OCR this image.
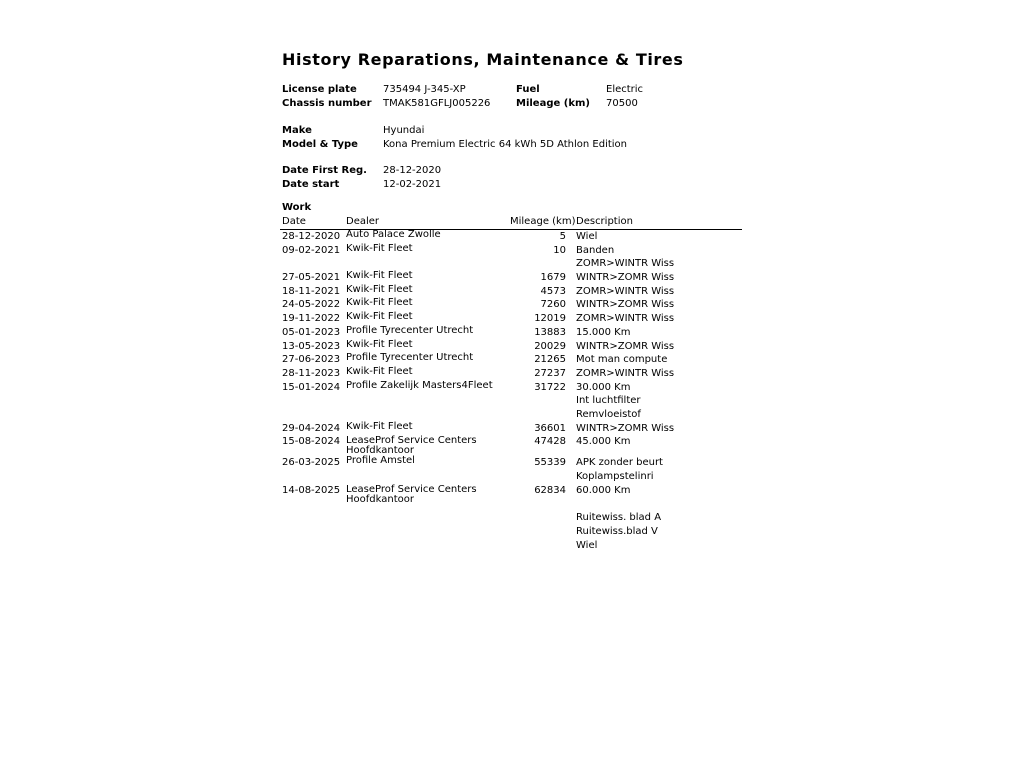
History Reparations, Maintenance & Tires
License plate	735494 J-345-XP	Fuel	Electric
Chassis number TMAK581GFLJ005226	Mileage (km) 70500
Make	Hyundai
Model & Type	Kona Premium Electric 64 kWh 5D Athlon Edition
Date First Reg. 28-12-2020
Date start	12-02-2021
Work
Date	Dealer	Mileage (km)	Description
28-12-2020	Auto Palace Zwolle	5	Wiel

09-02-2021	Kwik-Fit Fleet	10	Banden
ZOMR>WINTR Wiss

27-05-2021	Kwik-Fit Fleet	1679	WINTR>ZOMR Wiss

18-11-2021	Kwik-Fit Fleet	4573	ZOMR>WINTR Wiss

24-05-2022	Kwik-Fit Fleet	7260	WINTR>ZOMR Wiss

19-11-2022	Kwik-Fit Fleet	12019	ZOMR>WINTR Wiss

05-01-2023	Profile Tyrecenter Utrecht	13883	15.000 Km

13-05-2023	Kwik-Fit Fleet	20029	WINTR>ZOMR Wiss

27-06-2023	Profile Tyrecenter Utrecht	21265	Mot man compute

28-11-2023	Kwik-Fit Fleet	27237	ZOMR>WINTR Wiss

15-01-2024	Profile Zakelijk Masters4Fleet	31722	30.000 Km
Int luchtfilter
Remvloeistof

29-04-2024	Kwik-Fit Fleet	36601	WINTR>ZOMR Wiss

15-08-2024	LeaseProf Service Centers
Hoofdkantoor	47428	45.000 Km

26-03-2025	Profile Amstel	55339	APK zonder beurt
Koplampstelinri

14-08-2025	LeaseProf Service Centers
Hoofdkantoor	62834	60.000 Km
Ruitewiss. blad A
Ruitewiss.blad V
Wiel
